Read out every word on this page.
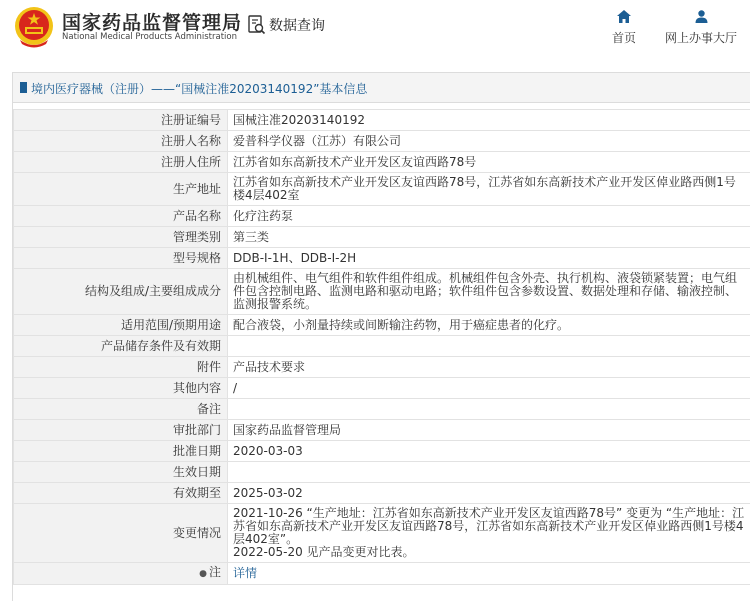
国家药品监督管理局
National Medical Products Administration
数据查询
首页	网上办事大厅
境内医疗器械（注册）——“国械注准20203140192”基本信息
注册证编号	国械注准20203140192
注册人名称	爱普科学仪器（江苏）有限公司
注册人住所	江苏省如东高新技术产业开发区友谊西路78号
生产地址	江苏省如东高新技术产业开发区友谊西路78号，江苏省如东高新技术产业开发区倬业路西侧1号楼4层402室
产品名称	化疗注药泵
管理类别	第三类
型号规格	DDB-I-1H、DDB-I-2H
结构及组成/主要组成成分	由机械组件、电气组件和软件组件组成。机械组件包含外壳、执行机构、液袋锁紧装置；电气组件包含控制电路、监测电路和驱动电路；软件组件包含参数设置、数据处理和存储、输液控制、监测报警系统。
适用范围/预期用途	配合液袋，小剂量持续或间断输注药物，用于癌症患者的化疗。
产品储存条件及有效期	
附件	产品技术要求
其他内容	/
备注	
审批部门	国家药品监督管理局
批准日期	2020-03-03
生效日期	
有效期至	2025-03-02
变更情况	2021-10-26 “生产地址：江苏省如东高新技术产业开发区友谊西路78号” 变更为 “生产地址：江苏省如东高新技术产业开发区友谊西路78号，江苏省如东高新技术产业开发区倬业路西侧1号楼4层402室”。
2022-05-20 见产品变更对比表。
● 注	详情
